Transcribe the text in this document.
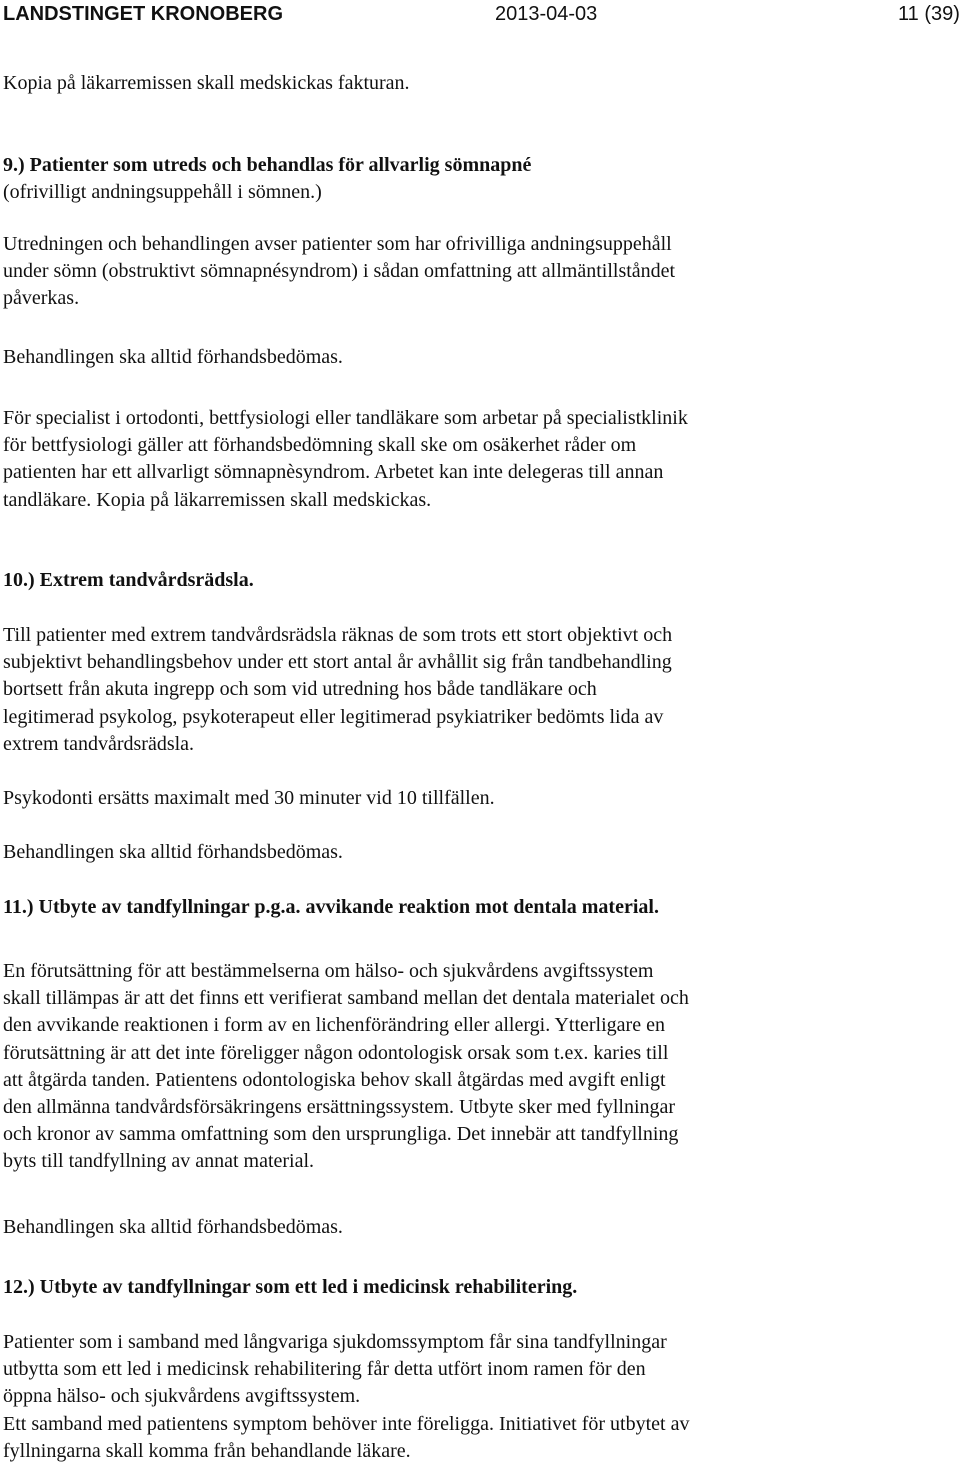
LANDSTINGET KRONOBERG	2013-04-03	11 (39)

Kopia på läkarremissen skall medskickas fakturan.

9.) Patienter som utreds och behandlas för allvarlig sömnapné

(ofrivilligt andningsuppehåll i sömnen.)

Utredningen och behandlingen avser patienter som har ofrivilliga andningsuppehåll
under sömn (obstruktivt sömnapnésyndrom) i sådan omfattning att allmäntillståndet
påverkas.

Behandlingen ska alltid förhandsbedömas.

För specialist i ortodonti, bettfysiologi eller tandläkare som arbetar på specialistklinik
för bettfysiologi gäller att förhandsbedömning skall ske om osäkerhet råder om
patienten har ett allvarligt sömnapnèsyndrom. Arbetet kan inte delegeras till annan
tandläkare. Kopia på läkarremissen skall medskickas.

10.) Extrem tandvårdsrädsla.

Till patienter med extrem tandvårdsrädsla räknas de som trots ett stort objektivt och
subjektivt behandlingsbehov under ett stort antal år avhållit sig från tandbehandling
bortsett från akuta ingrepp och som vid utredning hos både tandläkare och
legitimerad psykolog, psykoterapeut eller legitimerad psykiatriker bedömts lida av
extrem tandvårdsrädsla.

Psykodonti ersätts maximalt med 30 minuter vid 10 tillfällen.

Behandlingen ska alltid förhandsbedömas.

11.) Utbyte av tandfyllningar p.g.a. avvikande reaktion mot dentala material.

En förutsättning för att bestämmelserna om hälso- och sjukvårdens avgiftssystem
skall tillämpas är att det finns ett verifierat samband mellan det dentala materialet och
den avvikande reaktionen i form av en lichenförändring eller allergi. Ytterligare en
förutsättning är att det inte föreligger någon odontologisk orsak som t.ex. karies till
att åtgärda tanden. Patientens odontologiska behov skall åtgärdas med avgift enligt
den allmänna tandvårdsförsäkringens ersättningssystem. Utbyte sker med fyllningar
och kronor av samma omfattning som den ursprungliga. Det innebär att tandfyllning
byts till tandfyllning av annat material.

Behandlingen ska alltid förhandsbedömas.

12.) Utbyte av tandfyllningar som ett led i medicinsk rehabilitering.

Patienter som i samband med långvariga sjukdomssymptom får sina tandfyllningar
utbytta som ett led i medicinsk rehabilitering får detta utfört inom ramen för den
öppna hälso- och sjukvårdens avgiftssystem.
Ett samband med patientens symptom behöver inte föreligga. Initiativet för utbytet av
fyllningarna skall komma från behandlande läkare.
